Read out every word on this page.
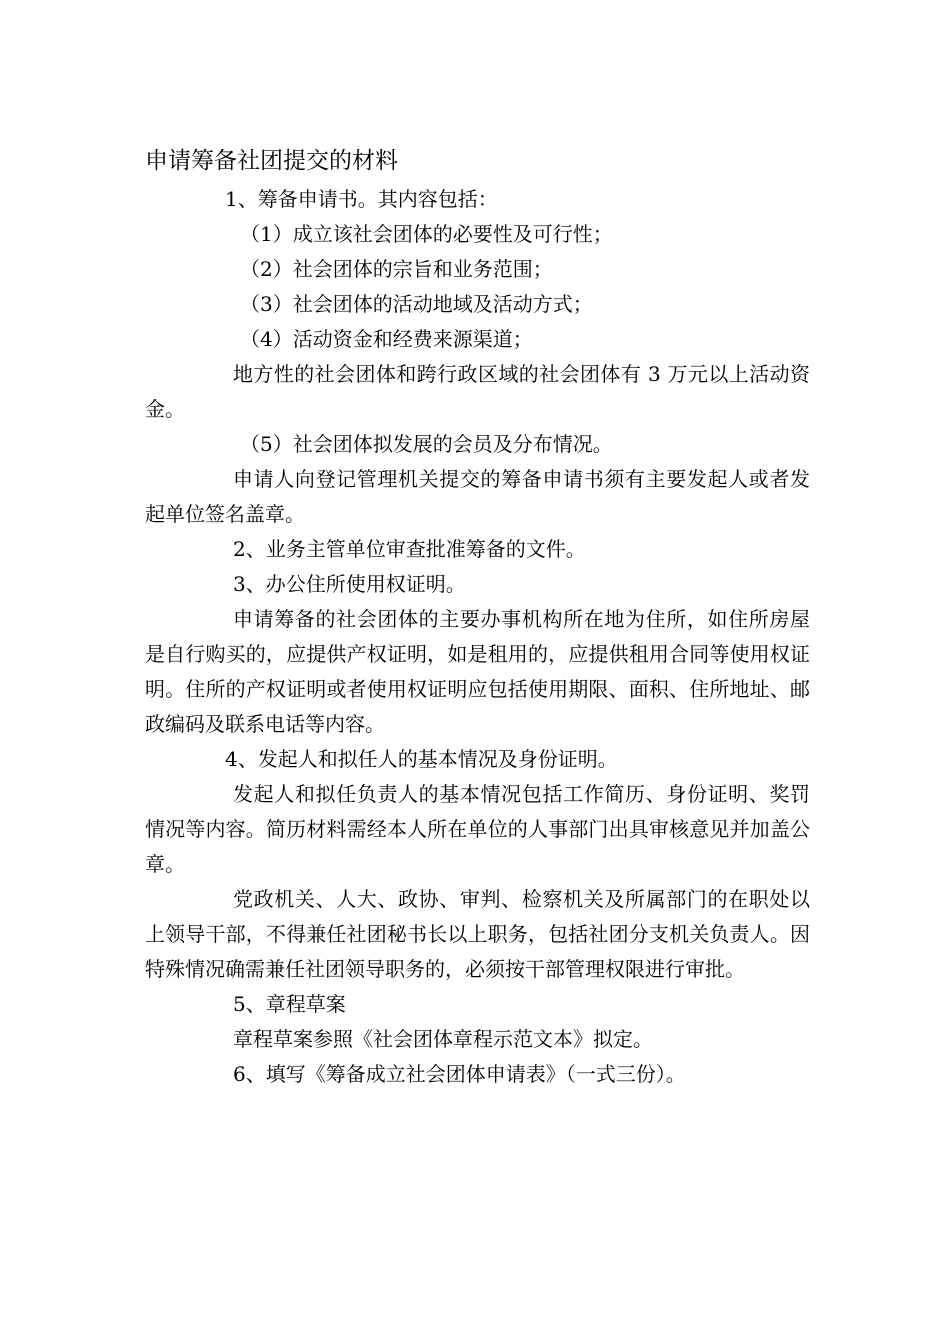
申请筹备社团提交的材料

1、筹备申请书。其内容包括：

（1）成立该社会团体的必要性及可行性；

（2）社会团体的宗旨和业务范围；

（3）社会团体的活动地域及活动方式；

（4）活动资金和经费来源渠道；

地方性的社会团体和跨行政区域的社会团体有 3 万元以上活动资金。

（5）社会团体拟发展的会员及分布情况。

申请人向登记管理机关提交的筹备申请书须有主要发起人或者发起单位签名盖章。

2、业务主管单位审查批准筹备的文件。

3、办公住所使用权证明。

申请筹备的社会团体的主要办事机构所在地为住所，如住所房屋是自行购买的，应提供产权证明，如是租用的，应提供租用合同等使用权证明。住所的产权证明或者使用权证明应包括使用期限、面积、住所地址、邮政编码及联系电话等内容。

4、发起人和拟任人的基本情况及身份证明。

发起人和拟任负责人的基本情况包括工作简历、身份证明、奖罚情况等内容。简历材料需经本人所在单位的人事部门出具审核意见并加盖公章。

党政机关、人大、政协、审判、检察机关及所属部门的在职处以上领导干部，不得兼任社团秘书长以上职务，包括社团分支机关负责人。因特殊情况确需兼任社团领导职务的，必须按干部管理权限进行审批。

5、章程草案

章程草案参照《社会团体章程示范文本》拟定。

6、填写《筹备成立社会团体申请表》（一式三份）。
